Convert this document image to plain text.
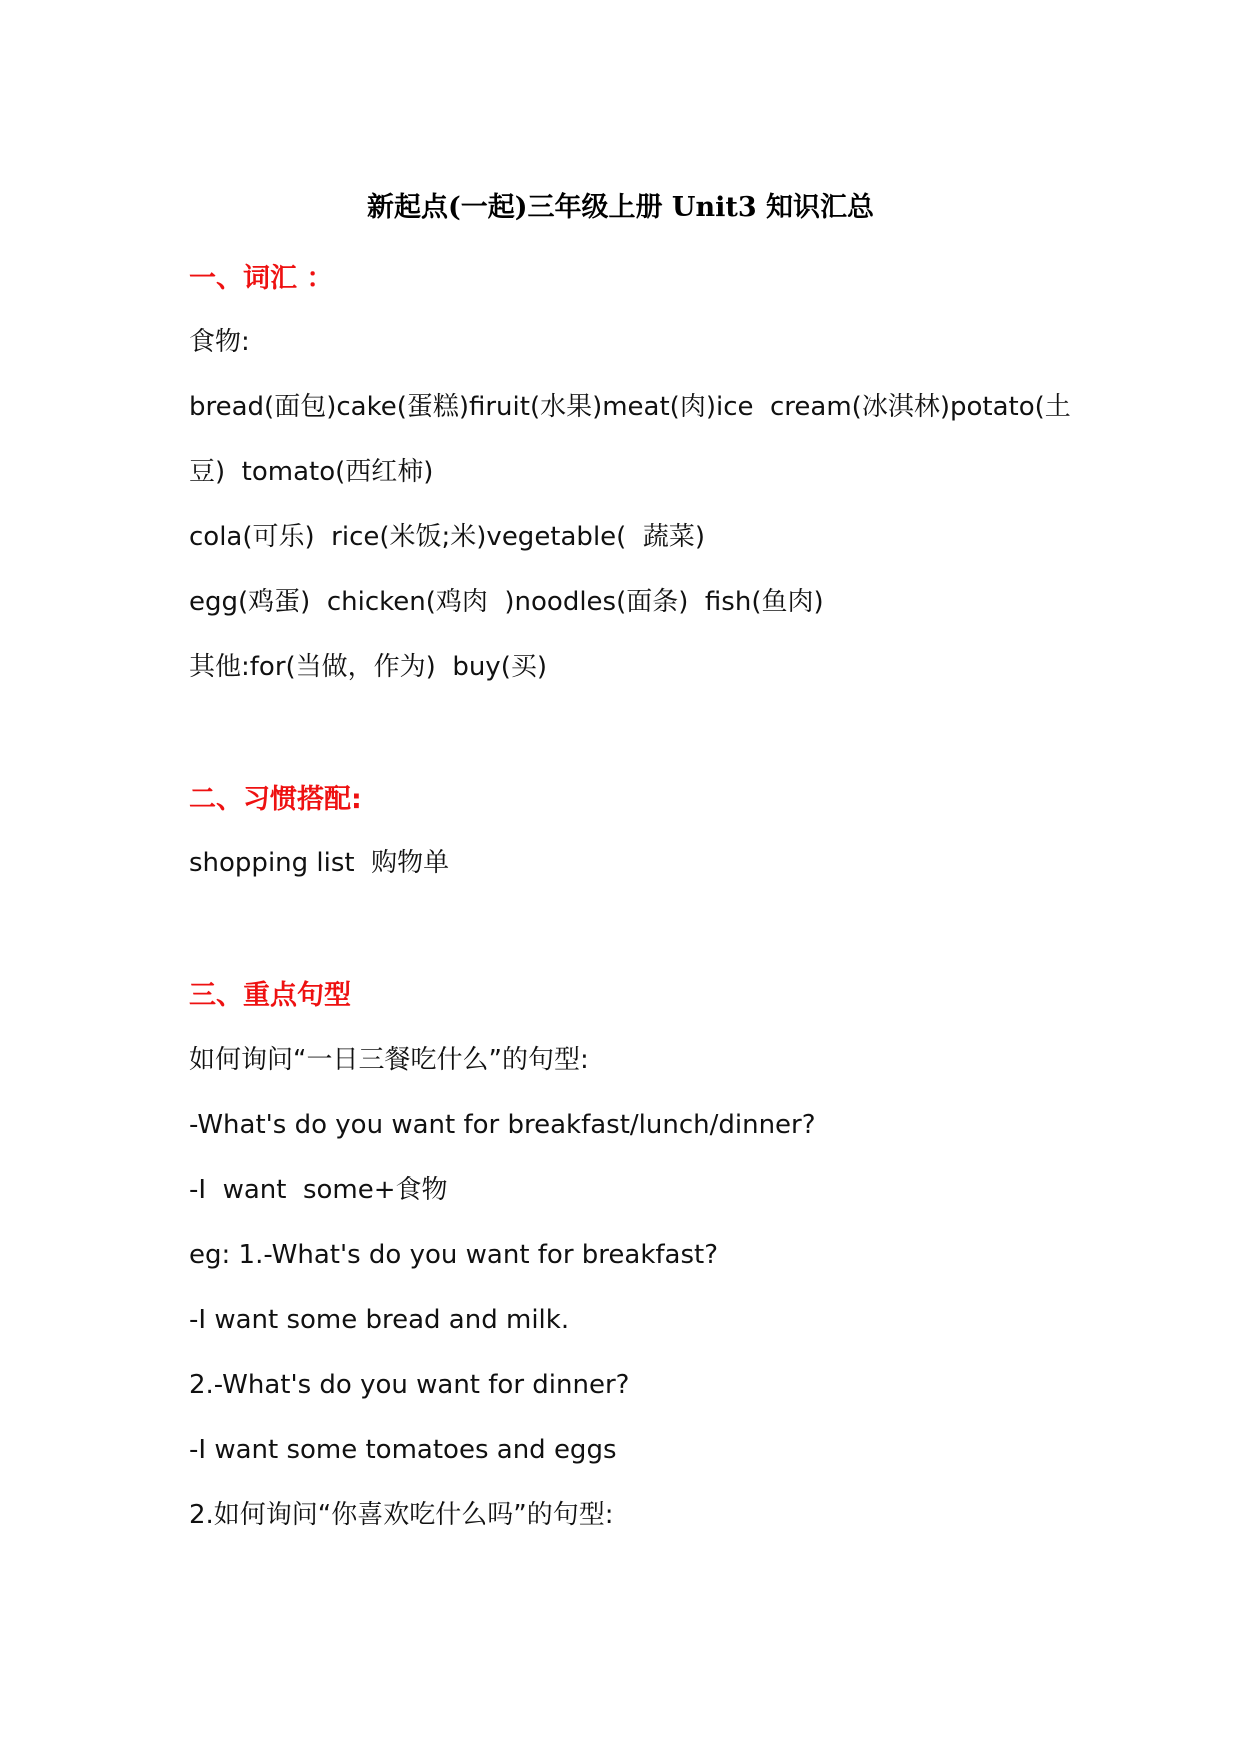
新起点(一起)三年级上册 Unit3 知识汇总
一、词汇 ：
食物:
bread(面包)cake(蛋糕)firuit(水果)meat(肉)ice  cream(冰淇林)potato(土
豆)  tomato(西红柿)
cola(可乐)  rice(米饭;米)vegetable(  蔬菜)
egg(鸡蛋)  chicken(鸡肉  )noodles(面条)  fish(鱼肉)
其他:for(当做，作为)  buy(买)
二、习惯搭配:
shopping list  购物单
三、重点句型
如何询问“一日三餐吃什么”的句型:
-What's do you want for breakfast/lunch/dinner?
-I  want  some+食物
eg: 1.-What's do you want for breakfast?
-I want some bread and milk.
2.-What's do you want for dinner?
-I want some tomatoes and eggs
2.如何询问“你喜欢吃什么吗”的句型:
